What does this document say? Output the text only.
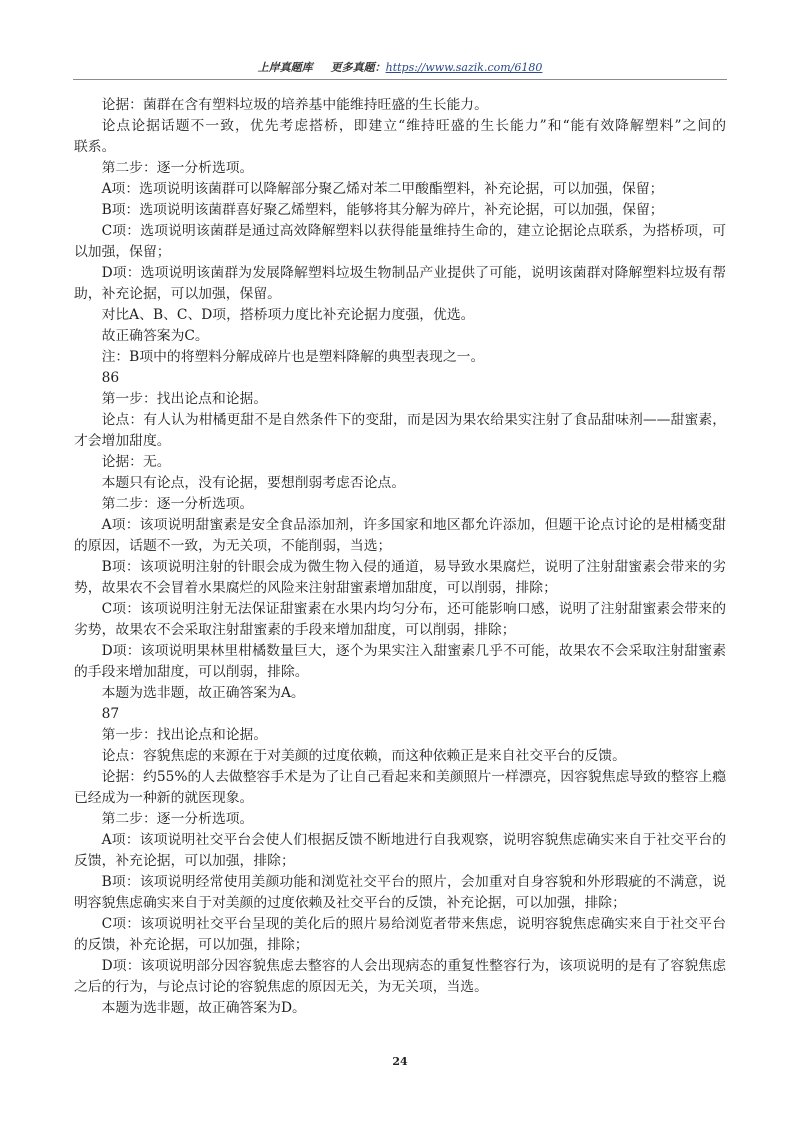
上岸真题库 更多真题：https://www.sazik.com/6180
论据：菌群在含有塑料垃圾的培养基中能维持旺盛的生长能力。
论点论据话题不一致，优先考虑搭桥，即建立“维持旺盛的生长能力”和“能有效降解塑料”之间的
联系。
第二步：逐一分析选项。
A项：选项说明该菌群可以降解部分聚乙烯对苯二甲酸酯塑料，补充论据，可以加强，保留；
B项：选项说明该菌群喜好聚乙烯塑料，能够将其分解为碎片，补充论据，可以加强，保留；
C项：选项说明该菌群是通过高效降解塑料以获得能量维持生命的，建立论据论点联系，为搭桥项，可
以加强，保留；
D项：选项说明该菌群为发展降解塑料垃圾生物制品产业提供了可能，说明该菌群对降解塑料垃圾有帮
助，补充论据，可以加强，保留。
对比A、B、C、D项，搭桥项力度比补充论据力度强，优选。
故正确答案为C。
注：B项中的将塑料分解成碎片也是塑料降解的典型表现之一。
86
第一步：找出论点和论据。
论点：有人认为柑橘更甜不是自然条件下的变甜，而是因为果农给果实注射了食品甜味剂——甜蜜素，
才会增加甜度。
论据：无。
本题只有论点，没有论据，要想削弱考虑否论点。
第二步：逐一分析选项。
A项：该项说明甜蜜素是安全食品添加剂，许多国家和地区都允许添加，但题干论点讨论的是柑橘变甜
的原因，话题不一致，为无关项，不能削弱，当选；
B项：该项说明注射的针眼会成为微生物入侵的通道，易导致水果腐烂，说明了注射甜蜜素会带来的劣
势，故果农不会冒着水果腐烂的风险来注射甜蜜素增加甜度，可以削弱，排除；
C项：该项说明注射无法保证甜蜜素在水果内均匀分布，还可能影响口感，说明了注射甜蜜素会带来的
劣势，故果农不会采取注射甜蜜素的手段来增加甜度，可以削弱，排除；
D项：该项说明果林里柑橘数量巨大，逐个为果实注入甜蜜素几乎不可能，故果农不会采取注射甜蜜素
的手段来增加甜度，可以削弱，排除。
本题为选非题，故正确答案为A。
87
第一步：找出论点和论据。
论点：容貌焦虑的来源在于对美颜的过度依赖，而这种依赖正是来自社交平台的反馈。
论据：约55%的人去做整容手术是为了让自己看起来和美颜照片一样漂亮，因容貌焦虑导致的整容上瘾
已经成为一种新的就医现象。
第二步：逐一分析选项。
A项：该项说明社交平台会使人们根据反馈不断地进行自我观察，说明容貌焦虑确实来自于社交平台的
反馈，补充论据，可以加强，排除；
B项：该项说明经常使用美颜功能和浏览社交平台的照片，会加重对自身容貌和外形瑕疵的不满意，说
明容貌焦虑确实来自于对美颜的过度依赖及社交平台的反馈，补充论据，可以加强，排除；
C项：该项说明社交平台呈现的美化后的照片易给浏览者带来焦虑，说明容貌焦虑确实来自于社交平台
的反馈，补充论据，可以加强，排除；
D项：该项说明部分因容貌焦虑去整容的人会出现病态的重复性整容行为，该项说明的是有了容貌焦虑
之后的行为，与论点讨论的容貌焦虑的原因无关，为无关项，当选。
本题为选非题，故正确答案为D。
24
